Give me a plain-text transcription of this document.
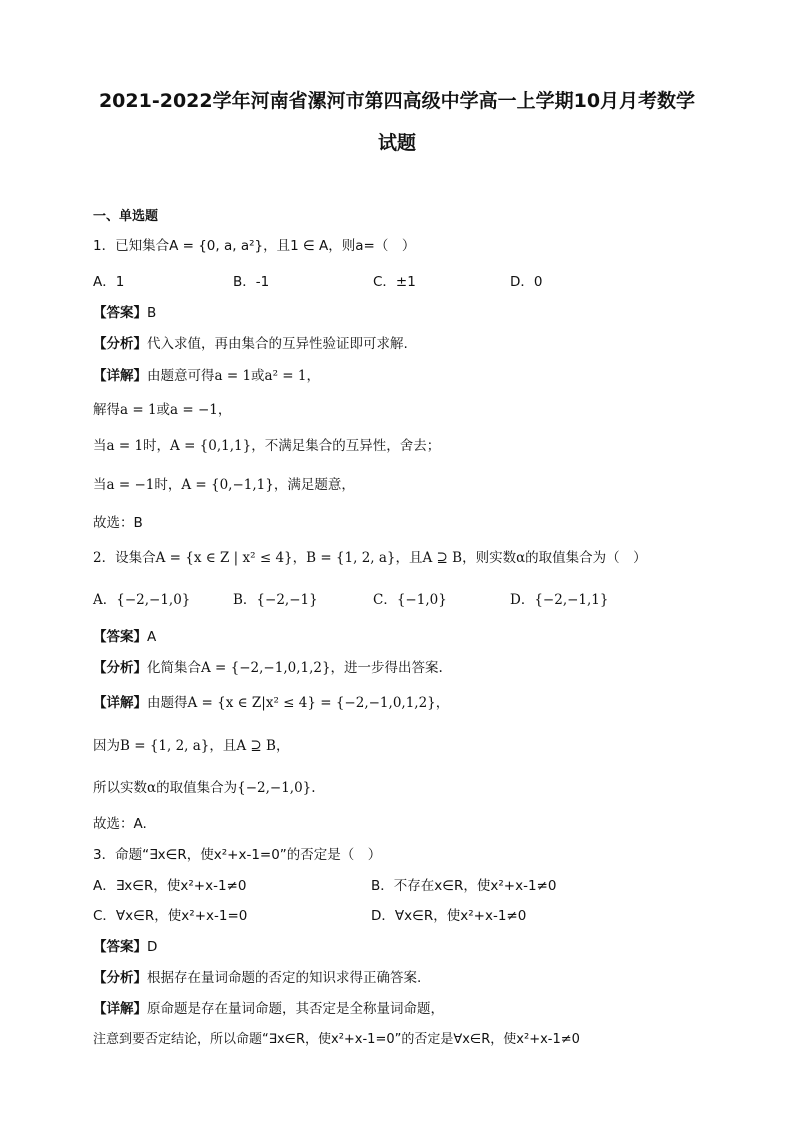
2021-2022学年河南省漯河市第四高级中学高一上学期10月月考数学
试题
一、单选题
1．已知集合A = {0, a, a²}，且1 ∈ A，则a=（　）
A．1	B．-1	C．±1	D．0
【答案】B
【分析】代入求值，再由集合的互异性验证即可求解.
【详解】由题意可得a = 1或a² = 1，
解得a = 1或a = −1，
当a = 1时，A = {0,1,1}，不满足集合的互异性，舍去；
当a = −1时，A = {0,−1,1}，满足题意，
故选：B
2．设集合A = {x ∈ Z | x² ≤ 4}，B = {1, 2, a}，且A ⊇ B，则实数α的取值集合为（　）
A．{−2,−1,0}	B．{−2,−1}	C．{−1,0}	D．{−2,−1,1}
【答案】A
【分析】化简集合A = {−2,−1,0,1,2}，进一步得出答案.
【详解】由题得A = {x ∈ Z|x² ≤ 4} = {−2,−1,0,1,2}，
因为B = {1, 2, a}，且A ⊇ B，
所以实数α的取值集合为{−2,−1,0}.
故选：A.
3．命题“∃x∈R，使x²+x-1=0”的否定是（　）
A．∃x∈R，使x²+x-1≠0	B．不存在x∈R，使x²+x-1≠0
C．∀x∈R，使x²+x-1=0	D．∀x∈R，使x²+x-1≠0
【答案】D
【分析】根据存在量词命题的否定的知识求得正确答案.
【详解】原命题是存在量词命题，其否定是全称量词命题，
注意到要否定结论，所以命题“∃x∈R，使x²+x-1=0”的否定是∀x∈R，使x²+x-1≠0
